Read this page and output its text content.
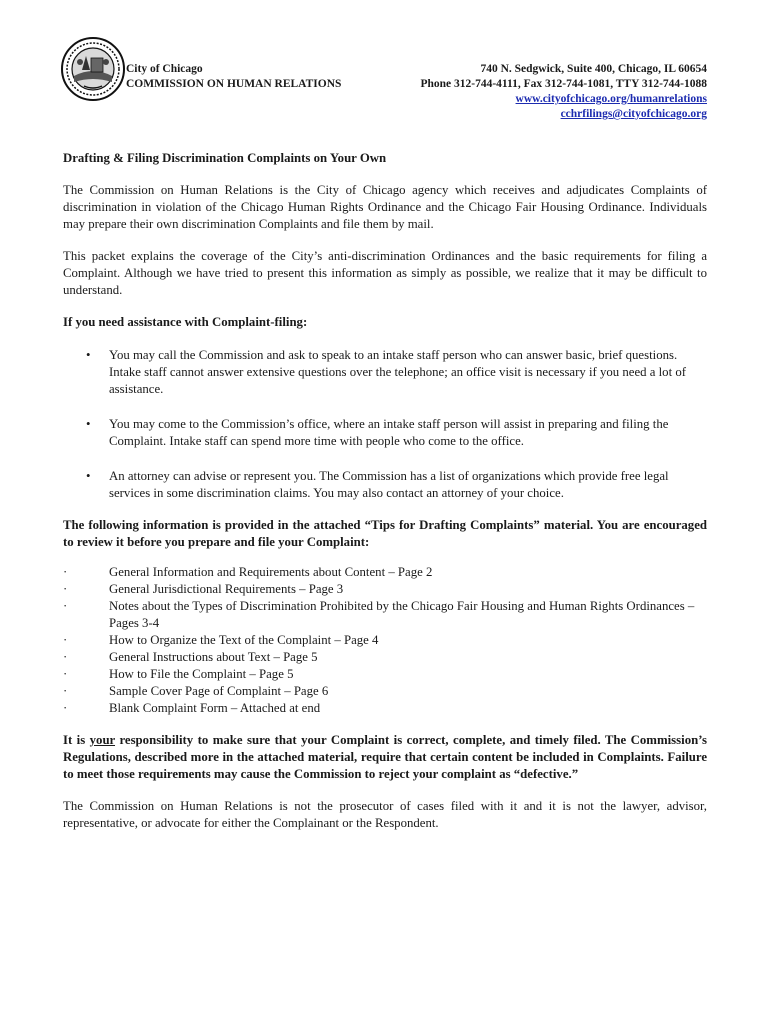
City of Chicago
COMMISSION ON HUMAN RELATIONS
740 N. Sedgwick, Suite 400, Chicago, IL 60654
Phone 312-744-4111, Fax 312-744-1081, TTY 312-744-1088
www.cityofchicago.org/humanrelations
cchrfilings@cityofchicago.org

Drafting & Filing Discrimination Complaints on Your Own

The Commission on Human Relations is the City of Chicago agency which receives and adjudicates Complaints of discrimination in violation of the Chicago Human Rights Ordinance and the Chicago Fair Housing Ordinance. Individuals may prepare their own discrimination Complaints and file them by mail.

This packet explains the coverage of the City’s anti-discrimination Ordinances and the basic requirements for filing a Complaint. Although we have tried to present this information as simply as possible, we realize that it may be difficult to understand.

If you need assistance with Complaint-filing:

• You may call the Commission and ask to speak to an intake staff person who can answer basic, brief questions. Intake staff cannot answer extensive questions over the telephone; an office visit is necessary if you need a lot of assistance.
• You may come to the Commission’s office, where an intake staff person will assist in preparing and filing the Complaint. Intake staff can spend more time with people who come to the office.
• An attorney can advise or represent you. The Commission has a list of organizations which provide free legal services in some discrimination claims. You may also contact an attorney of your choice.

The following information is provided in the attached “Tips for Drafting Complaints” material. You are encouraged to review it before you prepare and file your Complaint:

·	General Information and Requirements about Content – Page 2
·	General Jurisdictional Requirements – Page 3
·	Notes about the Types of Discrimination Prohibited by the Chicago Fair Housing and Human Rights Ordinances – Pages 3-4
·	How to Organize the Text of the Complaint – Page 4
·	General Instructions about Text – Page 5
·	How to File the Complaint – Page 5
·	Sample Cover Page of Complaint – Page 6
·	Blank Complaint Form – Attached at end

It is your responsibility to make sure that your Complaint is correct, complete, and timely filed. The Commission’s Regulations, described more in the attached material, require that certain content be included in Complaints. Failure to meet those requirements may cause the Commission to reject your complaint as “defective.”

The Commission on Human Relations is not the prosecutor of cases filed with it and it is not the lawyer, advisor, representative, or advocate for either the Complainant or the Respondent.
